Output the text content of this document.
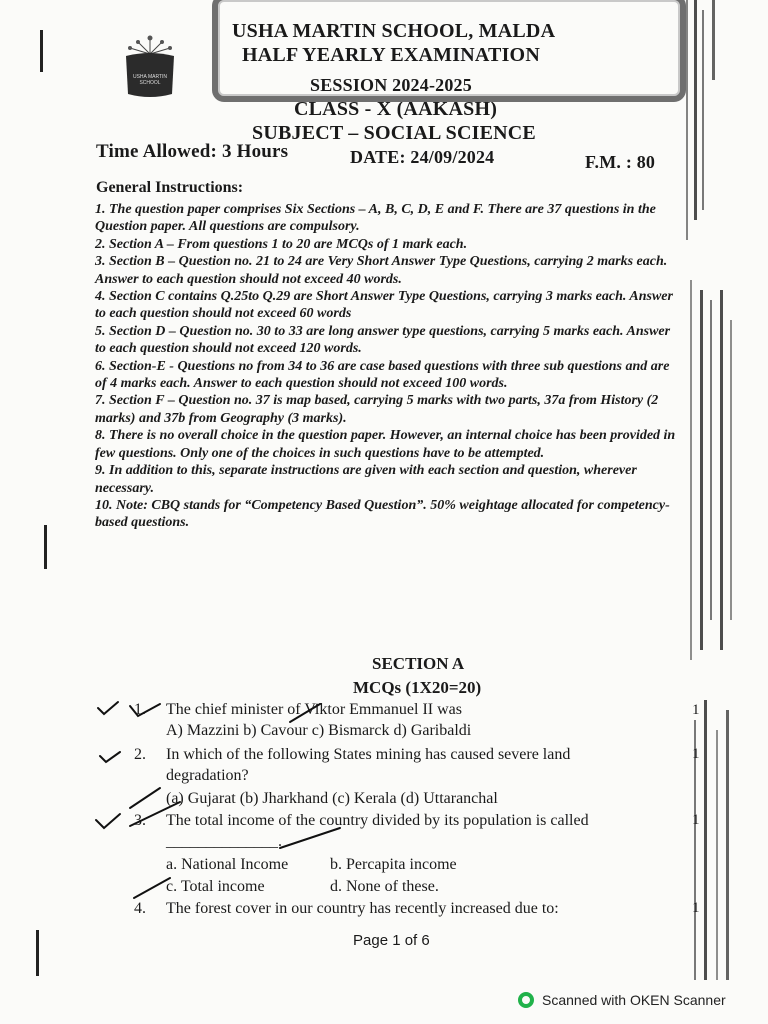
USHA MARTIN SCHOOL
USHA MARTIN SCHOOL, MALDA
HALF YEARLY EXAMINATION
SESSION 2024-2025
CLASS - X (AAKASH)
SUBJECT – SOCIAL SCIENCE
Time Allowed: 3 Hours	DATE: 24/09/2024	F.M. : 80
General Instructions:

1. The question paper comprises Six Sections – A, B, C, D, E and F. There are 37 questions in the Question paper. All questions are compulsory.

2. Section A – From questions 1 to 20 are MCQs of 1 mark each.

3. Section B – Question no. 21 to 24 are Very Short Answer Type Questions, carrying 2 marks each. Answer to each question should not exceed 40 words.

4. Section C contains Q.25to Q.29 are Short Answer Type Questions, carrying 3 marks each. Answer to each question should not exceed 60 words

5. Section D – Question no. 30 to 33 are long answer type questions, carrying 5 marks each. Answer to each question should not exceed 120 words.

6. Section-E - Questions no from 34 to 36 are case based questions with three sub questions and are of 4 marks each. Answer to each question should not exceed 100 words.

7. Section F – Question no. 37 is map based, carrying 5 marks with two parts, 37a from History (2 marks) and 37b from Geography (3 marks).

8. There is no overall choice in the question paper. However, an internal choice has been provided in few questions. Only one of the choices in such questions have to be attempted.

9. In addition to this, separate instructions are given with each section and question, wherever necessary.

10. Note: CBQ stands for “Competency Based Question”. 50% weightage allocated for competency-based questions.

SECTION A
MCQs (1X20=20)
1. The chief minister of Viktor Emmanuel II was
A) Mazzini b) Cavour c) Bismarck d) Garibaldi
1
2. In which of the following States mining has caused severe land
degradation?
(a) Gujarat (b) Jharkhand (c) Kerala (d) Uttaranchal
1
3. The total income of the country divided by its population is called
______________.
a. National Income	b. Percapita income
c. Total income	d. None of these.
1
4. The forest cover in our country has recently increased due to:	1
Page 1 of 6
Scanned with OKEN Scanner
